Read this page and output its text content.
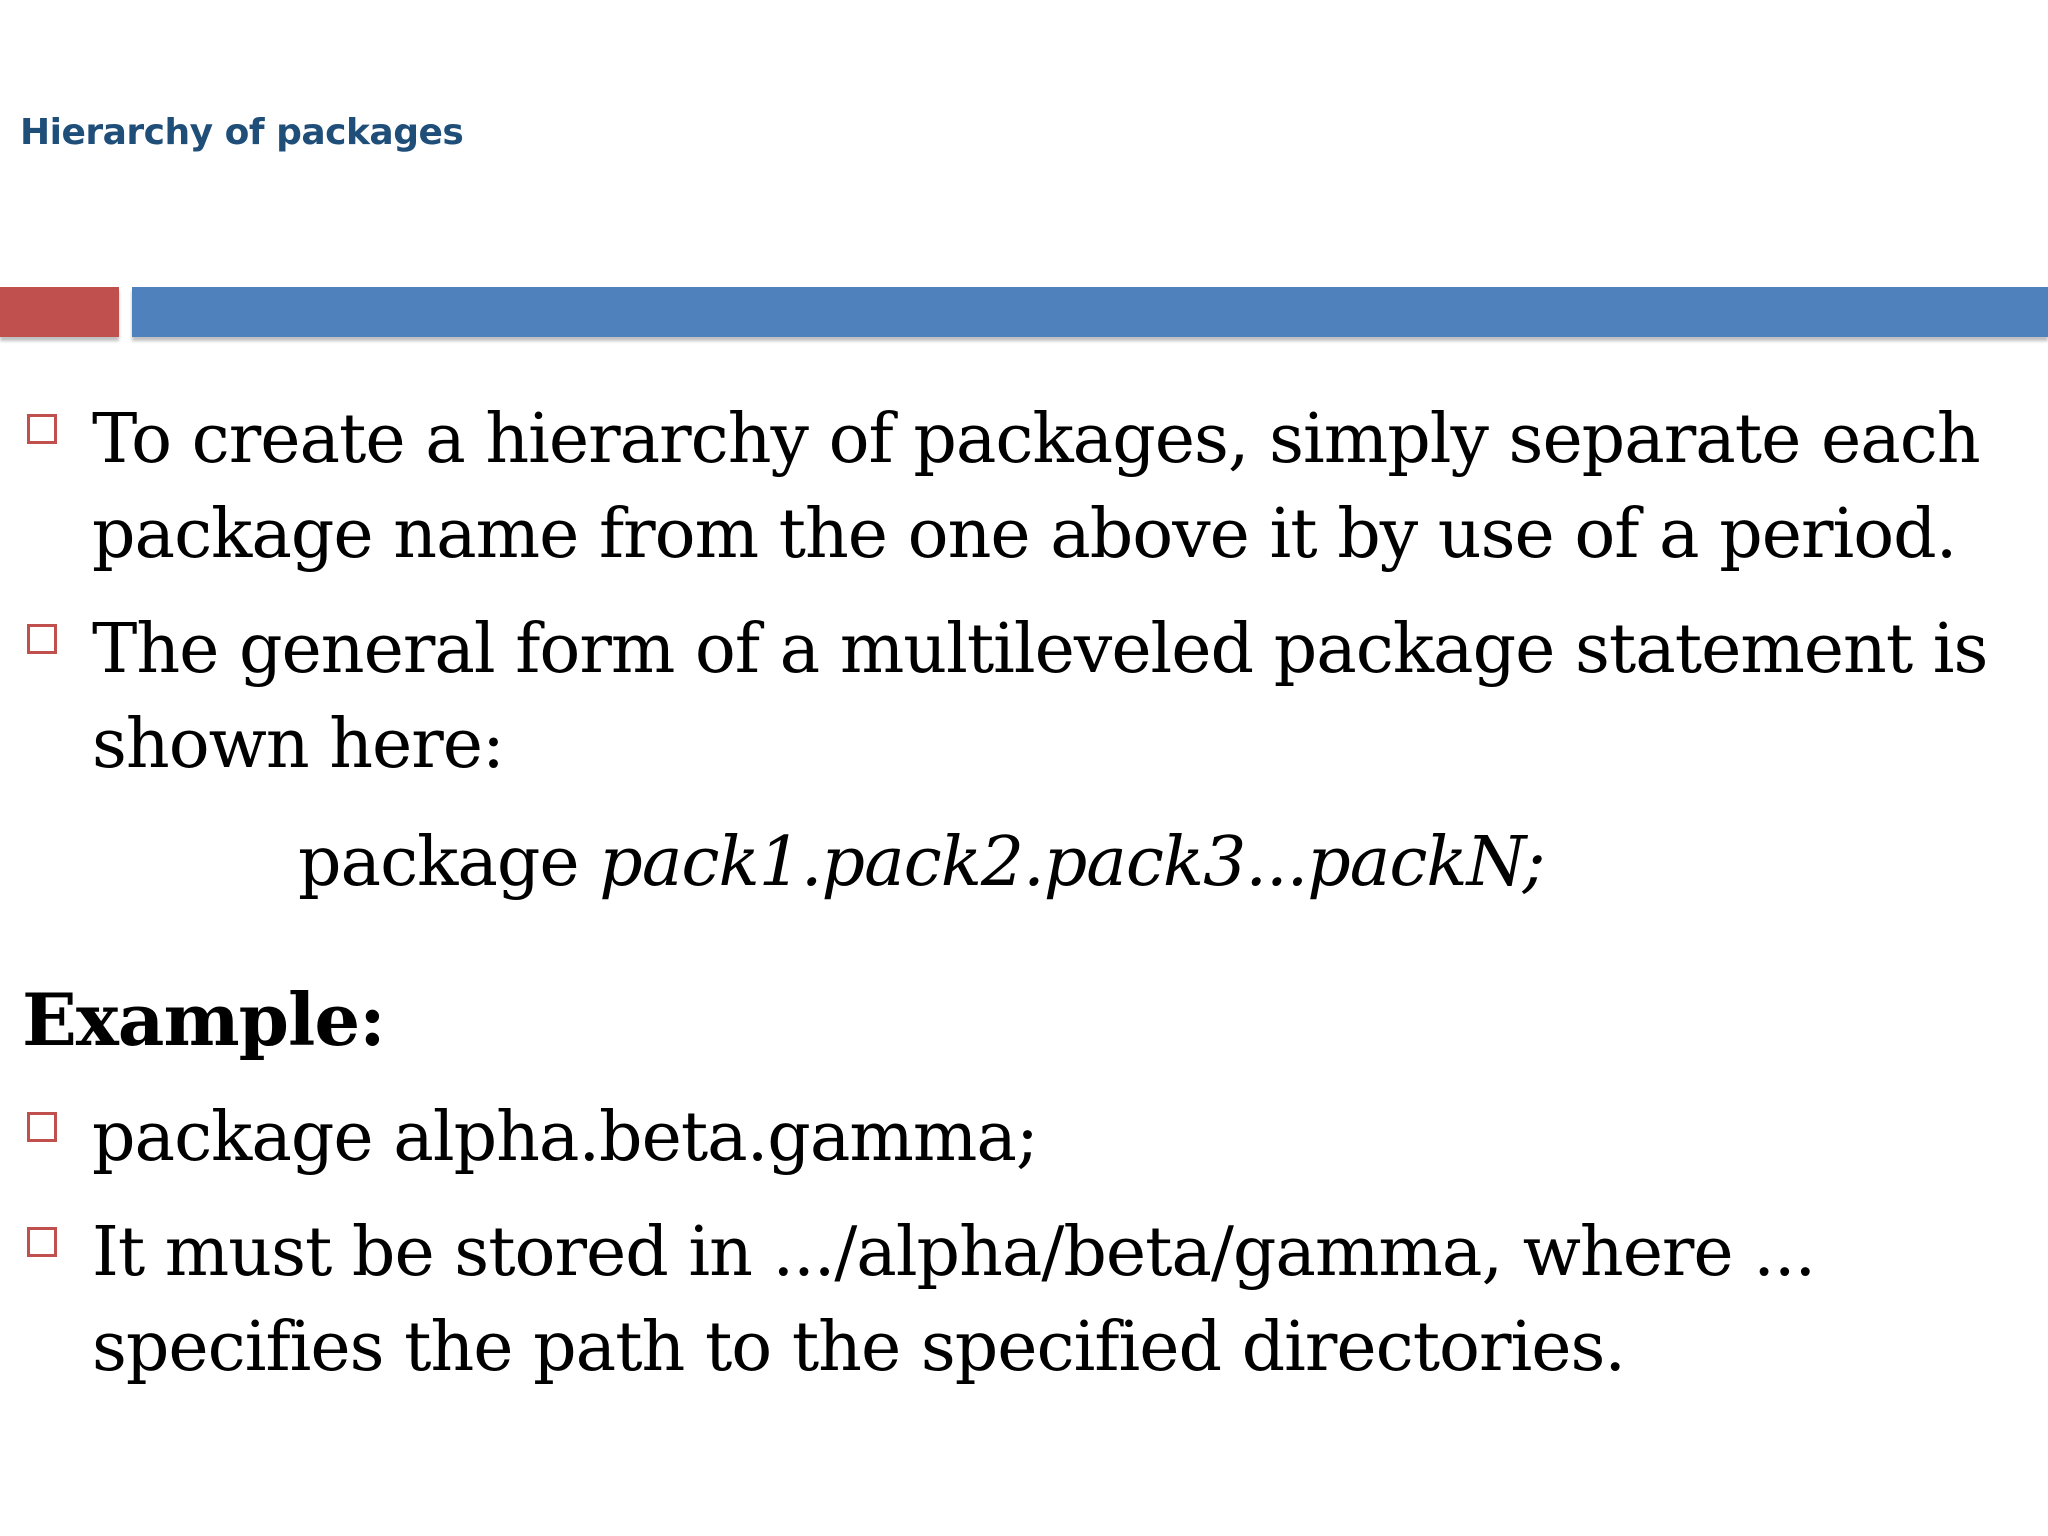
Hierarchy of packages
To create a hierarchy of packages, simply separate each
package name from the one above it by use of a period.
The general form of a multileveled package statement is
shown here:
package pack1.pack2.pack3...packN;
Example:
package alpha.beta.gamma;
It must be stored in .../alpha/beta/gamma, where ...
specifies the path to the specified directories.
